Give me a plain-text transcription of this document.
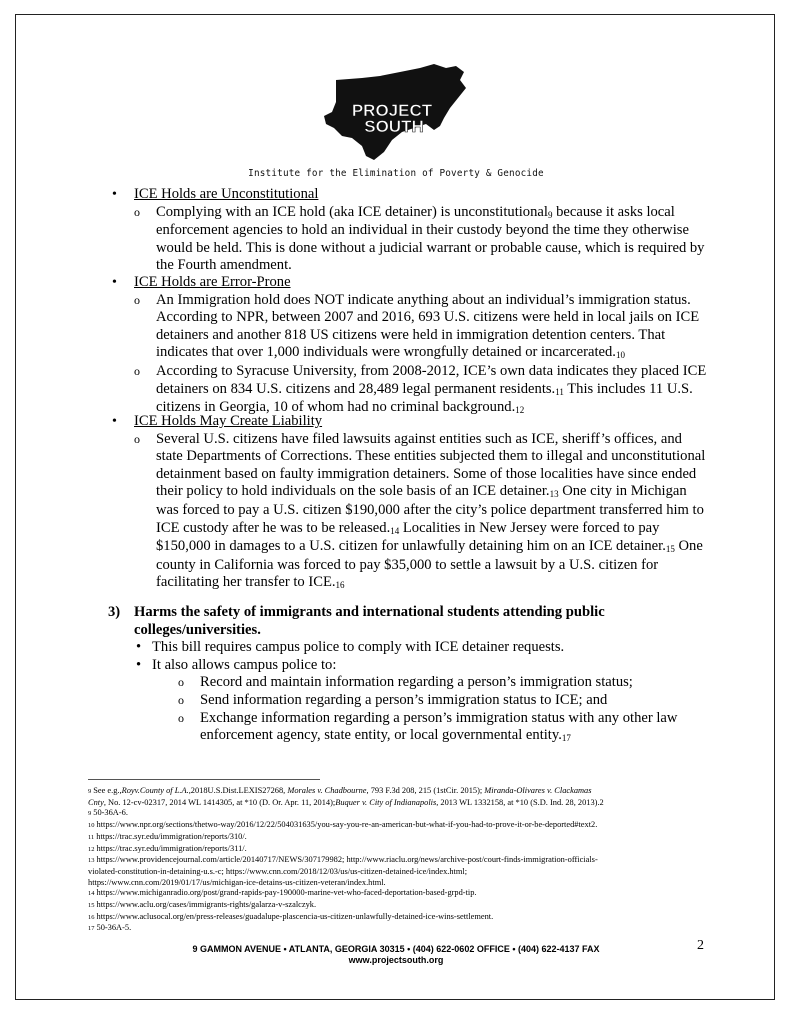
PROJECT
SOUTH
Institute for the Elimination of Poverty & Genocide
• ICE Holds are Unconstitutional

o Complying with an ICE hold (aka ICE detainer) is unconstitutional9 because it asks local enforcement agencies to hold an individual in their custody beyond the time they otherwise would be held. This is done without a judicial warrant or probable cause, which is required by the Fourth amendment.

• ICE Holds are Error-Prone

o An Immigration hold does NOT indicate anything about an individual’s immigration status. According to NPR, between 2007 and 2016, 693 U.S. citizens were held in local jails on ICE detainers and another 818 US citizens were held in immigration detention centers. That indicates that over 1,000 individuals were wrongfully detained or incarcerated.10

o According to Syracuse University, from 2008-2012, ICE’s own data indicates they placed ICE detainers on 834 U.S. citizens and 28,489 legal permanent residents.11 This includes 11 U.S. citizens in Georgia, 10 of whom had no criminal background.12

• ICE Holds May Create Liability

o Several U.S. citizens have filed lawsuits against entities such as ICE, sheriff’s offices, and state Departments of Corrections. These entities subjected them to illegal and unconstitutional detainment based on faulty immigration detainers. Some of those localities have since ended their policy to hold individuals on the sole basis of an ICE detainer.13 One city in Michigan was forced to pay a U.S. citizen $190,000 after the city’s police department transferred him to ICE custody after he was to be released.14 Localities in New Jersey were forced to pay $150,000 in damages to a U.S. citizen for unlawfully detaining him on an ICE detainer.15 One county in California was forced to pay $35,000 to settle a lawsuit by a U.S. citizen for facilitating her transfer to ICE.16

3) Harms the safety of immigrants and international students attending public colleges/universities.
• This bill requires campus police to comply with ICE detainer requests.
• It also allows campus police to:
o Record and maintain information regarding a person’s immigration status;
o Send information regarding a person’s immigration status to ICE; and
o Exchange information regarding a person’s immigration status with any other law enforcement agency, state entity, or local governmental entity.17
9 See e.g.,Royv.County of L.A.,2018U.S.Dist.LEXIS27268, Morales v. Chadbourne, 793 F.3d 208, 215 (1stCir. 2015); Miranda-Olivares v. Clackamas
Cnty, No. 12-cv-02317, 2014 WL 1414305, at *10 (D. Or. Apr. 11, 2014);Buquer v. City of Indianapolis, 2013 WL 1332158, at *10 (S.D. Ind. 28, 2013).2
9 50-36A-6.
10 https://www.npr.org/sections/thetwo-way/2016/12/22/504031635/you-say-you-re-an-american-but-what-if-you-had-to-prove-it-or-be-deported#text2.
11 https://trac.syr.edu/immigration/reports/310/.
12 https://trac.syr.edu/immigration/reports/311/.
13 https://www.providencejournal.com/article/20140717/NEWS/307179982; http://www.riaclu.org/news/archive-post/court-finds-immigration-officials-
violated-constitution-in-detaining-u.s.-c; https://www.cnn.com/2018/12/03/us/us-citizen-detained-ice/index.html;
https://www.cnn.com/2019/01/17/us/michigan-ice-detains-us-citizen-veteran/index.html.
14 https://www.michiganradio.org/post/grand-rapids-pay-190000-marine-vet-who-faced-deportation-based-grpd-tip.
15 https://www.aclu.org/cases/immigrants-rights/galarza-v-szalczyk.
16 https://www.aclusocal.org/en/press-releases/guadalupe-plascencia-us-citizen-unlawfully-detained-ice-wins-settlement.
17 50-36A-5.
9 GAMMON AVENUE • ATLANTA, GEORGIA 30315 • (404) 622-0602 OFFICE • (404) 622-4137 FAX
www.projectsouth.org
2
